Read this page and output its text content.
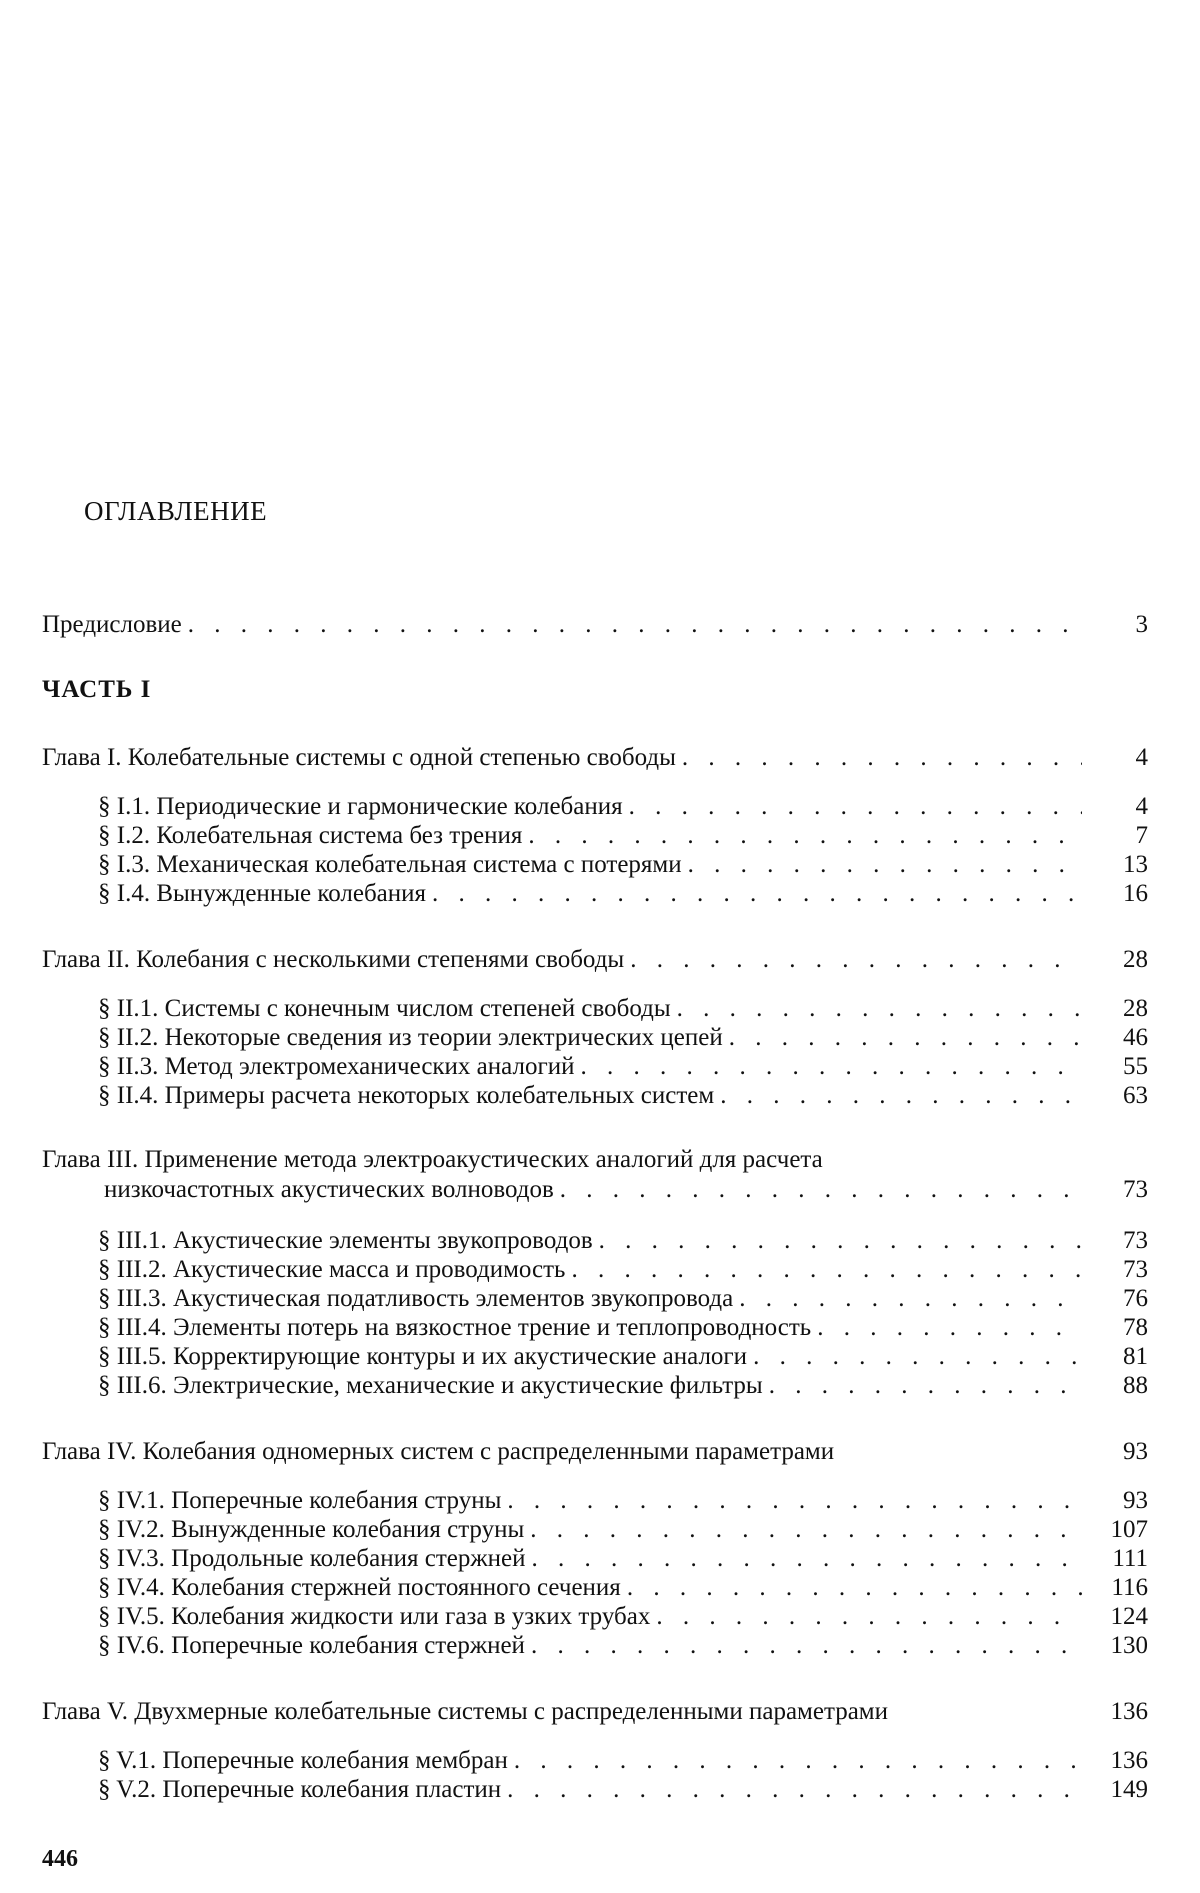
ОГЛАВЛЕНИЕ
Предисловие . . .	3
ЧАСТЬ I
Глава I. Колебательные системы с одной степенью свободы . . .	4
§ I.1. Периодические и гармонические колебания . . .	4
§ I.2. Колебательная система без трения . . .	7
§ I.3. Механическая колебательная система с потерями . . .	13
§ I.4. Вынужденные колебания . . .	16
Глава II. Колебания с несколькими степенями свободы . . .	28
§ II.1. Системы с конечным числом степеней свободы . . .	28
§ II.2. Некоторые сведения из теории электрических цепей . . .	46
§ II.3. Метод электромеханических аналогий . . .	55
§ II.4. Примеры расчета некоторых колебательных систем . . .	63
Глава III. Применение метода электроакустических аналогий для расчета
низкочастотных акустических волноводов . . .	73
§ III.1. Акустические элементы звукопроводов . . .	73
§ III.2. Акустические масса и проводимость . . .	73
§ III.3. Акустическая податливость элементов звукопровода . . .	76
§ III.4. Элементы потерь на вязкостное трение и теплопроводность . . .	78
§ III.5. Корректирующие контуры и их акустические аналоги . . .	81
§ III.6. Электрические, механические и акустические фильтры . . .	88
Глава IV. Колебания одномерных систем с распределенными параметрами	93
§ IV.1. Поперечные колебания струны . . .	93
§ IV.2. Вынужденные колебания струны . . .	107
§ IV.3. Продольные колебания стержней . . .	111
§ IV.4. Колебания стержней постоянного сечения . . .	116
§ IV.5. Колебания жидкости или газа в узких трубах . . .	124
§ IV.6. Поперечные колебания стержней . . .	130
Глава V. Двухмерные колебательные системы с распределенными параметрами	136
§ V.1. Поперечные колебания мембран . . .	136
§ V.2. Поперечные колебания пластин . . .	149
446
